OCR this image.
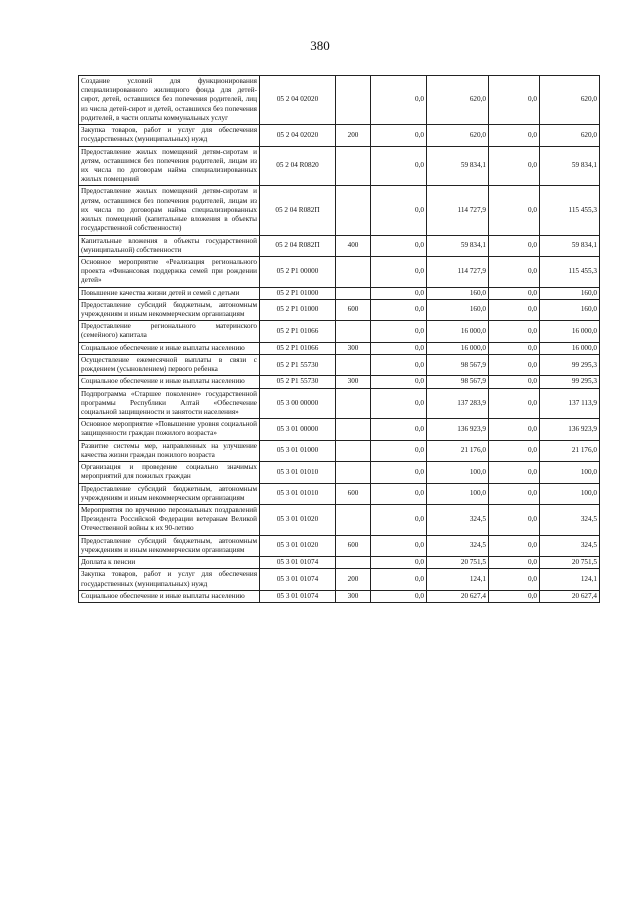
380
Создание условий для функционирования специализированного жилищного фонда для детей-сирот, детей, оставшихся без попечения родителей, лиц из числа детей-сирот и детей, оставшихся без попечения родителей, в части оплаты коммунальных услуг	05 2 04 02020		0,0	620,0	0,0	620,0
Закупка товаров, работ и услуг для обеспечения государственных (муниципальных) нужд	05 2 04 02020	200	0,0	620,0	0,0	620,0
Предоставление жилых помещений детям-сиротам и детям, оставшимся без попечения родителей, лицам из их числа по договорам найма специализированных жилых помещений	05 2 04 R0820		0,0	59 834,1	0,0	59 834,1
Предоставление жилых помещений детям-сиротам и детям, оставшимся без попечения родителей, лицам из их числа по договорам найма специализированных жилых помещений (капитальные вложения в объекты государственной собственности)	05 2 04 R082П		0,0	114 727,9	0,0	115 455,3
Капитальные вложения в объекты государственной (муниципальной) собственности	05 2 04 R082П	400	0,0	59 834,1	0,0	59 834,1
Основное мероприятие «Реализация регионального проекта «Финансовая поддержка семей при рождении детей»	05 2 P1 00000		0,0	114 727,9	0,0	115 455,3
Повышение качества жизни детей и семей с детьми	05 2 P1 01000		0,0	160,0	0,0	160,0
Предоставление субсидий бюджетным, автономным учреждениям и иным некоммерческим организациям	05 2 P1 01000	600	0,0	160,0	0,0	160,0
Предоставление регионального материнского (семейного) капитала	05 2 P1 01066		0,0	16 000,0	0,0	16 000,0
Социальное обеспечение и иные выплаты населению	05 2 P1 01066	300	0,0	16 000,0	0,0	16 000,0
Осуществление ежемесячной выплаты в связи с рождением (усыновлением) первого ребенка	05 2 P1 55730		0,0	98 567,9	0,0	99 295,3
Социальное обеспечение и иные выплаты населению	05 2 P1 55730	300	0,0	98 567,9	0,0	99 295,3
Подпрограмма «Старшее поколение» государственной программы Республики Алтай «Обеспечение социальной защищенности и занятости населения»	05 3 00 00000		0,0	137 283,9	0,0	137 113,9
Основное мероприятие «Повышение уровня социальной защищенности граждан пожилого возраста»	05 3 01 00000		0,0	136 923,9	0,0	136 923,9
Развитие системы мер, направленных на улучшение качества жизни граждан пожилого возраста	05 3 01 01000		0,0	21 176,0	0,0	21 176,0
Организация и проведение социально значимых мероприятий для пожилых граждан	05 3 01 01010		0,0	100,0	0,0	100,0
Предоставление субсидий бюджетным, автономным учреждениям и иным некоммерческим организациям	05 3 01 01010	600	0,0	100,0	0,0	100,0
Мероприятия по вручению персональных поздравлений Президента Российской Федерации ветеранам Великой Отечественной войны к их 90-летию	05 3 01 01020		0,0	324,5	0,0	324,5
Предоставление субсидий бюджетным, автономным учреждениям и иным некоммерческим организациям	05 3 01 01020	600	0,0	324,5	0,0	324,5
Доплата к пенсии	05 3 01 01074		0,0	20 751,5	0,0	20 751,5
Закупка товаров, работ и услуг для обеспечения государственных (муниципальных) нужд	05 3 01 01074	200	0,0	124,1	0,0	124,1
Социальное обеспечение и иные выплаты населению	05 3 01 01074	300	0,0	20 627,4	0,0	20 627,4
